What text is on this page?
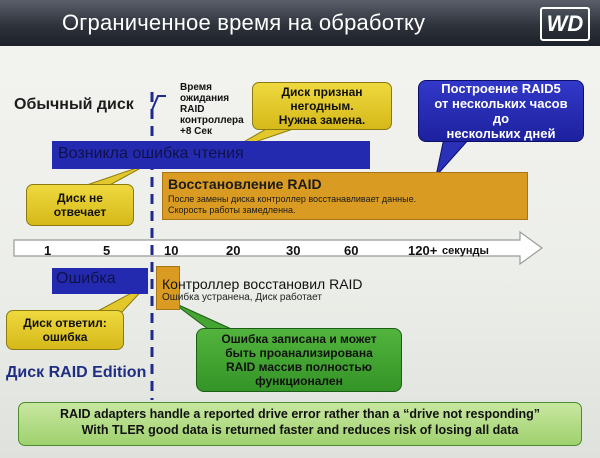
Ограниченное время на обработку	WD
Обычный диск
Время
ожидания
RAID
контроллера
+8 Сек
Возникла ошибка чтения
Восстановление RAID
После замены диска контроллер восстанавливает данные.
Скорость работы замедленна.
Диск признан
негодным.
Нужна замена.
Диск не
отвечает
Построение RAID5
от нескольких часов
до
нескольких дней
1	5	10	20	30	60	120+ секунды
Ошибка	Контроллер восстановил RAID
Ошибка устранена, Диск работает
Диск ответил:
ошибка	Ошибка записана и может
быть проанализирована
RAID массив полностью
функционален
Диск RAID Edition
RAID adapters handle a reported drive error rather than a “drive not responding”
With TLER good data is returned faster and reduces risk of losing all data
